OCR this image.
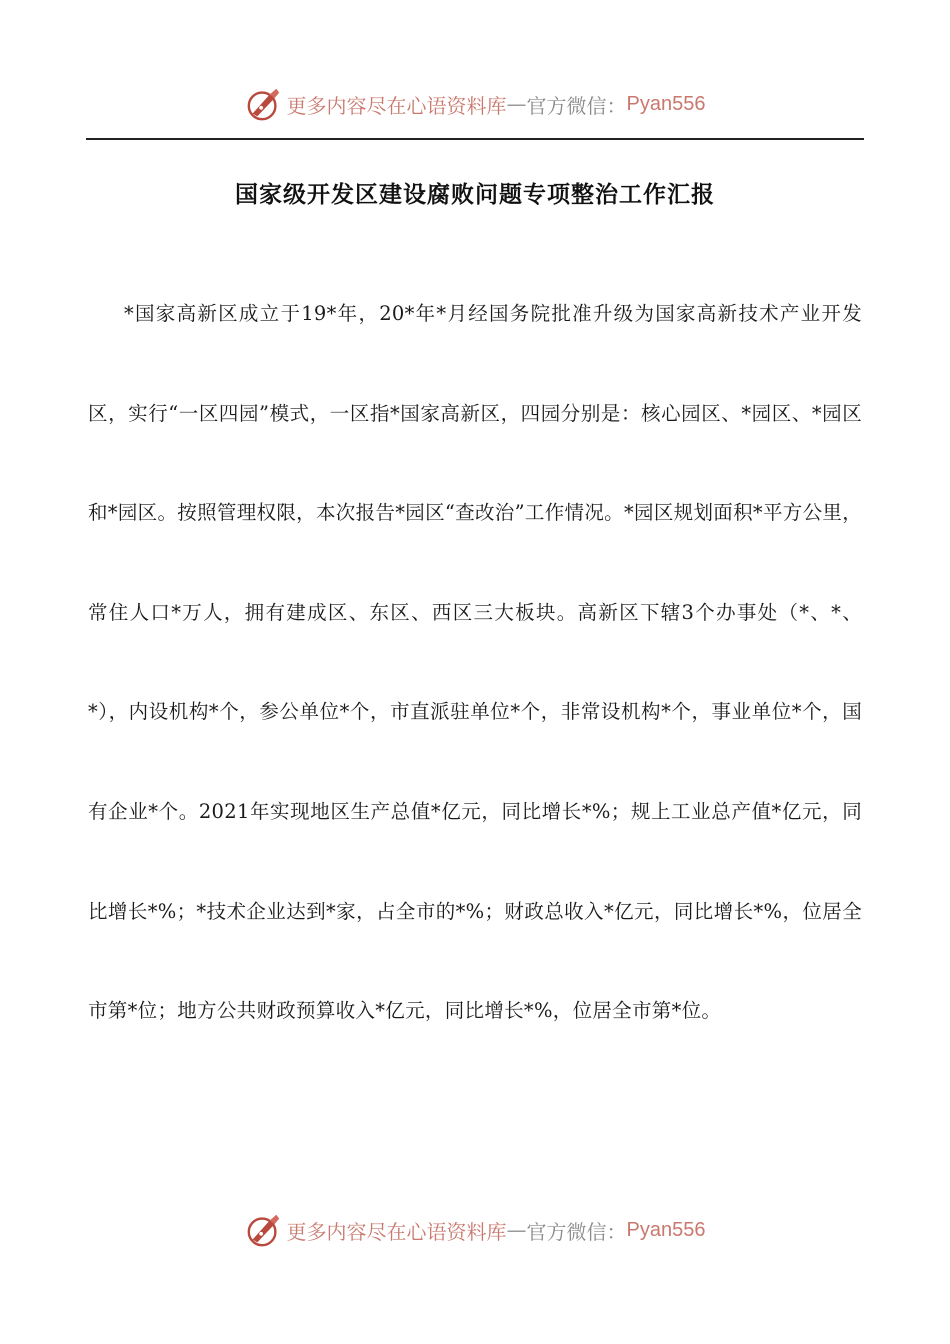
更多内容尽在心语资料库 — 官方微信： Pyan556
国家级开发区建设腐败问题专项整治工作汇报

*国家高新区成立于19*年，20*年*月经国务院批准升级为国家高新技术产业开发区，实行“一区四园”模式，一区指*国家高新区，四园分别是：核心园区、*园区、*园区和*园区。按照管理权限，本次报告*园区“查改治”工作情况。*园区规划面积*平方公里，常住人口*万人，拥有建成区、东区、西区三大板块。高新区下辖3个办事处（*、*、*），内设机构*个，参公单位*个，市直派驻单位*个，非常设机构*个，事业单位*个，国有企业*个。2021年实现地区生产总值*亿元，同比增长*%；规上工业总产值*亿元，同比增长*%；*技术企业达到*家，占全市的*%；财政总收入*亿元，同比增长*%，位居全市第*位；地方公共财政预算收入*亿元，同比增长*%，位居全市第*位。

更多内容尽在心语资料库 — 官方微信： Pyan556
